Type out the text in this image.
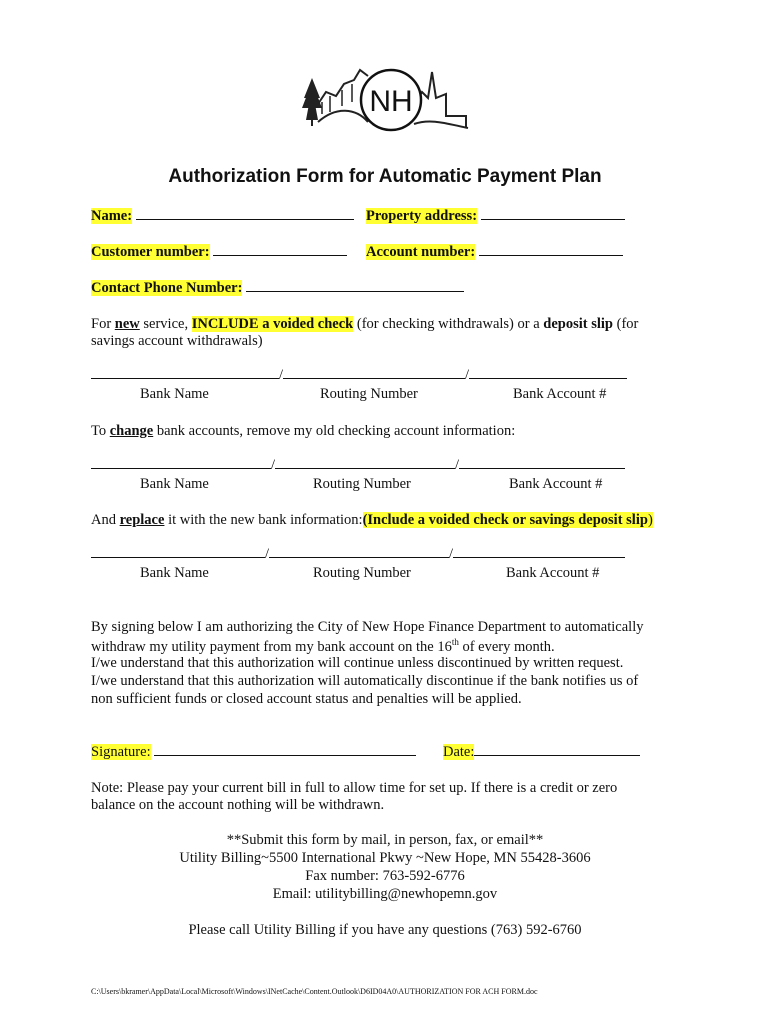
NH
Authorization Form for Automatic Payment Plan
Name:	Property address:
Customer number:	Account number:
Contact Phone Number:
For new service, INCLUDE a voided check (for checking withdrawals) or a deposit slip (for
savings account withdrawals)
/	/
Bank Name	Routing Number	Bank Account #
To change bank accounts, remove my old checking account information:
/	/
Bank Name	Routing Number	Bank Account #
And replace it with the new bank information:(Include a voided check or savings deposit slip)
/	/
Bank Name	Routing Number	Bank Account #
By signing below I am authorizing the City of New Hope Finance Department to automatically
withdraw my utility payment from my bank account on the 16th of every month.
I/we understand that this authorization will continue unless discontinued by written request.
I/we understand that this authorization will automatically discontinue if the bank notifies us of
non sufficient funds or closed account status and penalties will be applied.
Signature:	Date:
Note: Please pay your current bill in full to allow time for set up. If there is a credit or zero
balance on the account nothing will be withdrawn.
**Submit this form by mail, in person, fax, or email**
Utility Billing~5500 International Pkwy ~New Hope, MN 55428-3606
Fax number: 763-592-6776
Email: utilitybilling@newhopemn.gov
Please call Utility Billing if you have any questions (763) 592-6760
C:\Users\bkramer\AppData\Local\Microsoft\Windows\INetCache\Content.Outlook\D6ID04A0\AUTHORIZATION FOR ACH FORM.doc
